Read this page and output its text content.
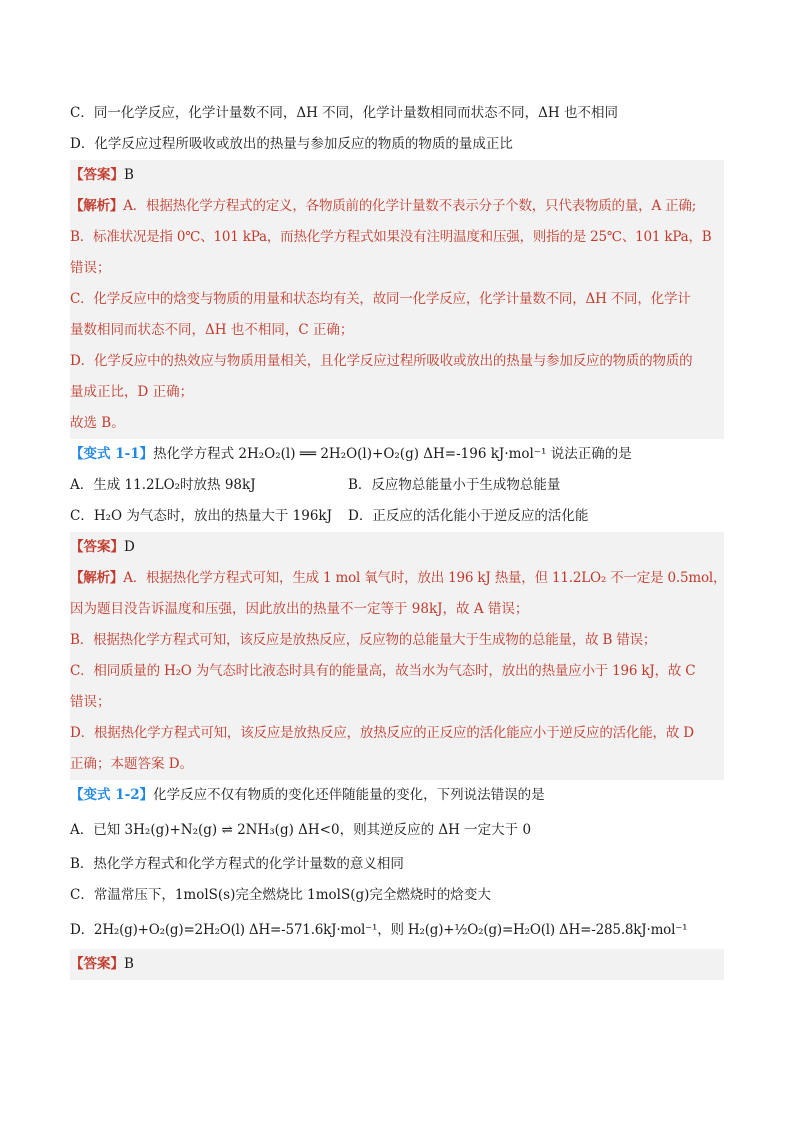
C．同一化学反应，化学计量数不同，ΔH 不同，化学计量数相同而状态不同，ΔH 也不相同
D．化学反应过程所吸收或放出的热量与参加反应的物质的物质的量成正比
【答案】B
【解析】A．根据热化学方程式的定义，各物质前的化学计量数不表示分子个数，只代表物质的量，A 正确;
B．标准状况是指 0℃、101 kPa，而热化学方程式如果没有注明温度和压强，则指的是 25℃、101 kPa，B
错误；
C．化学反应中的焓变与物质的用量和状态均有关，故同一化学反应，化学计量数不同，ΔH 不同，化学计
量数相同而状态不同，ΔH 也不相同，C 正确；
D．化学反应中的热效应与物质用量相关，且化学反应过程所吸收或放出的热量与参加反应的物质的物质的
量成正比，D 正确；
故选 B。
【变式 1-1】热化学方程式 2H₂O₂(l) ══ 2H₂O(l)+O₂(g) ΔH=-196 kJ·mol⁻¹ 说法正确的是
A．生成 11.2LO₂时放热 98kJ	B．反应物总能量小于生成物总能量
C．H₂O 为气态时，放出的热量大于 196kJ D．正反应的活化能小于逆反应的活化能
【答案】D
【解析】A．根据热化学方程式可知，生成 1 mol 氧气时，放出 196 kJ 热量，但 11.2LO₂ 不一定是 0.5mol，
因为题目没告诉温度和压强，因此放出的热量不一定等于 98kJ，故 A 错误；
B．根据热化学方程式可知，该反应是放热反应，反应物的总能量大于生成物的总能量，故 B 错误；
C．相同质量的 H₂O 为气态时比液态时具有的能量高，故当水为气态时，放出的热量应小于 196 kJ，故 C
错误；
D．根据热化学方程式可知，该反应是放热反应，放热反应的正反应的活化能应小于逆反应的活化能，故 D
正确；本题答案 D。
【变式 1-2】化学反应不仅有物质的变化还伴随能量的变化，下列说法错误的是
A．已知 3H₂(g)+N₂(g) ⇌ 2NH₃(g) ΔH<0，则其逆反应的 ΔH 一定大于 0
B．热化学方程式和化学方程式的化学计量数的意义相同
C．常温常压下，1molS(s)完全燃烧比 1molS(g)完全燃烧时的焓变大
D．2H₂(g)+O₂(g)=2H₂O(l) ΔH=-571.6kJ·mol⁻¹，则 H₂(g)+½O₂(g)=H₂O(l) ΔH=-285.8kJ·mol⁻¹
【答案】B
